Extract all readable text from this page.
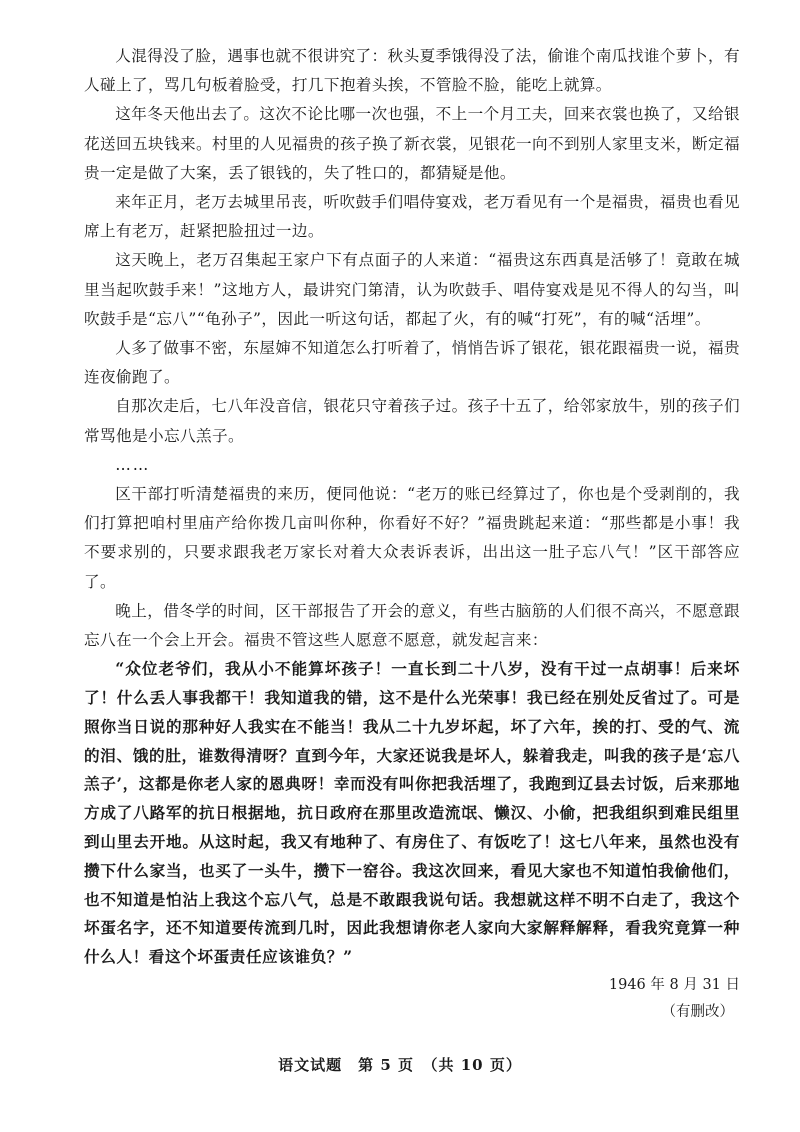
人混得没了脸，遇事也就不很讲究了：秋头夏季饿得没了法，偷谁个南瓜找谁个萝卜，有人碰上了，骂几句板着脸受，打几下抱着头挨，不管脸不脸，能吃上就算。

这年冬天他出去了。这次不论比哪一次也强，不上一个月工夫，回来衣裳也换了，又给银花送回五块钱来。村里的人见福贵的孩子换了新衣裳，见银花一向不到别人家里支米，断定福贵一定是做了大案，丢了银钱的，失了牲口的，都猜疑是他。

来年正月，老万去城里吊丧，听吹鼓手们唱侍宴戏，老万看见有一个是福贵，福贵也看见席上有老万，赶紧把脸扭过一边。

这天晚上，老万召集起王家户下有点面子的人来道：“福贵这东西真是活够了！竟敢在城里当起吹鼓手来！”这地方人，最讲究门第清，认为吹鼓手、唱侍宴戏是见不得人的勾当，叫吹鼓手是“忘八”“龟孙子”，因此一听这句话，都起了火，有的喊“打死”，有的喊“活埋”。

人多了做事不密，东屋婶不知道怎么打听着了，悄悄告诉了银花，银花跟福贵一说，福贵连夜偷跑了。

自那次走后，七八年没音信，银花只守着孩子过。孩子十五了，给邻家放牛，别的孩子们常骂他是小忘八羔子。

……

区干部打听清楚福贵的来历，便同他说：“老万的账已经算过了，你也是个受剥削的，我们打算把咱村里庙产给你拨几亩叫你种，你看好不好？”福贵跳起来道：“那些都是小事！我不要求别的，只要求跟我老万家长对着大众表诉表诉，出出这一肚子忘八气！”区干部答应了。

晚上，借冬学的时间，区干部报告了开会的意义，有些古脑筋的人们很不高兴，不愿意跟忘八在一个会上开会。福贵不管这些人愿意不愿意，就发起言来：

“众位老爷们，我从小不能算坏孩子！一直长到二十八岁，没有干过一点胡事！后来坏了！什么丢人事我都干！我知道我的错，这不是什么光荣事！我已经在别处反省过了。可是照你当日说的那种好人我实在不能当！我从二十九岁坏起，坏了六年，挨的打、受的气、流的泪、饿的肚，谁数得清呀？直到今年，大家还说我是坏人，躲着我走，叫我的孩子是‘忘八羔子’，这都是你老人家的恩典呀！幸而没有叫你把我活埋了，我跑到辽县去讨饭，后来那地方成了八路军的抗日根据地，抗日政府在那里改造流氓、懒汉、小偷，把我组织到难民组里到山里去开地。从这时起，我又有地种了、有房住了、有饭吃了！这七八年来，虽然也没有攒下什么家当，也买了一头牛，攒下一窑谷。我这次回来，看见大家也不知道怕我偷他们，也不知道是怕沾上我这个忘八气，总是不敢跟我说句话。我想就这样不明不白走了，我这个坏蛋名字，还不知道要传流到几时，因此我想请你老人家向大家解释解释，看我究竟算一种什么人！看这个坏蛋责任应该谁负？”

1946 年 8 月 31 日

（有删改）

语文试题　第 5 页　（共 10 页）
